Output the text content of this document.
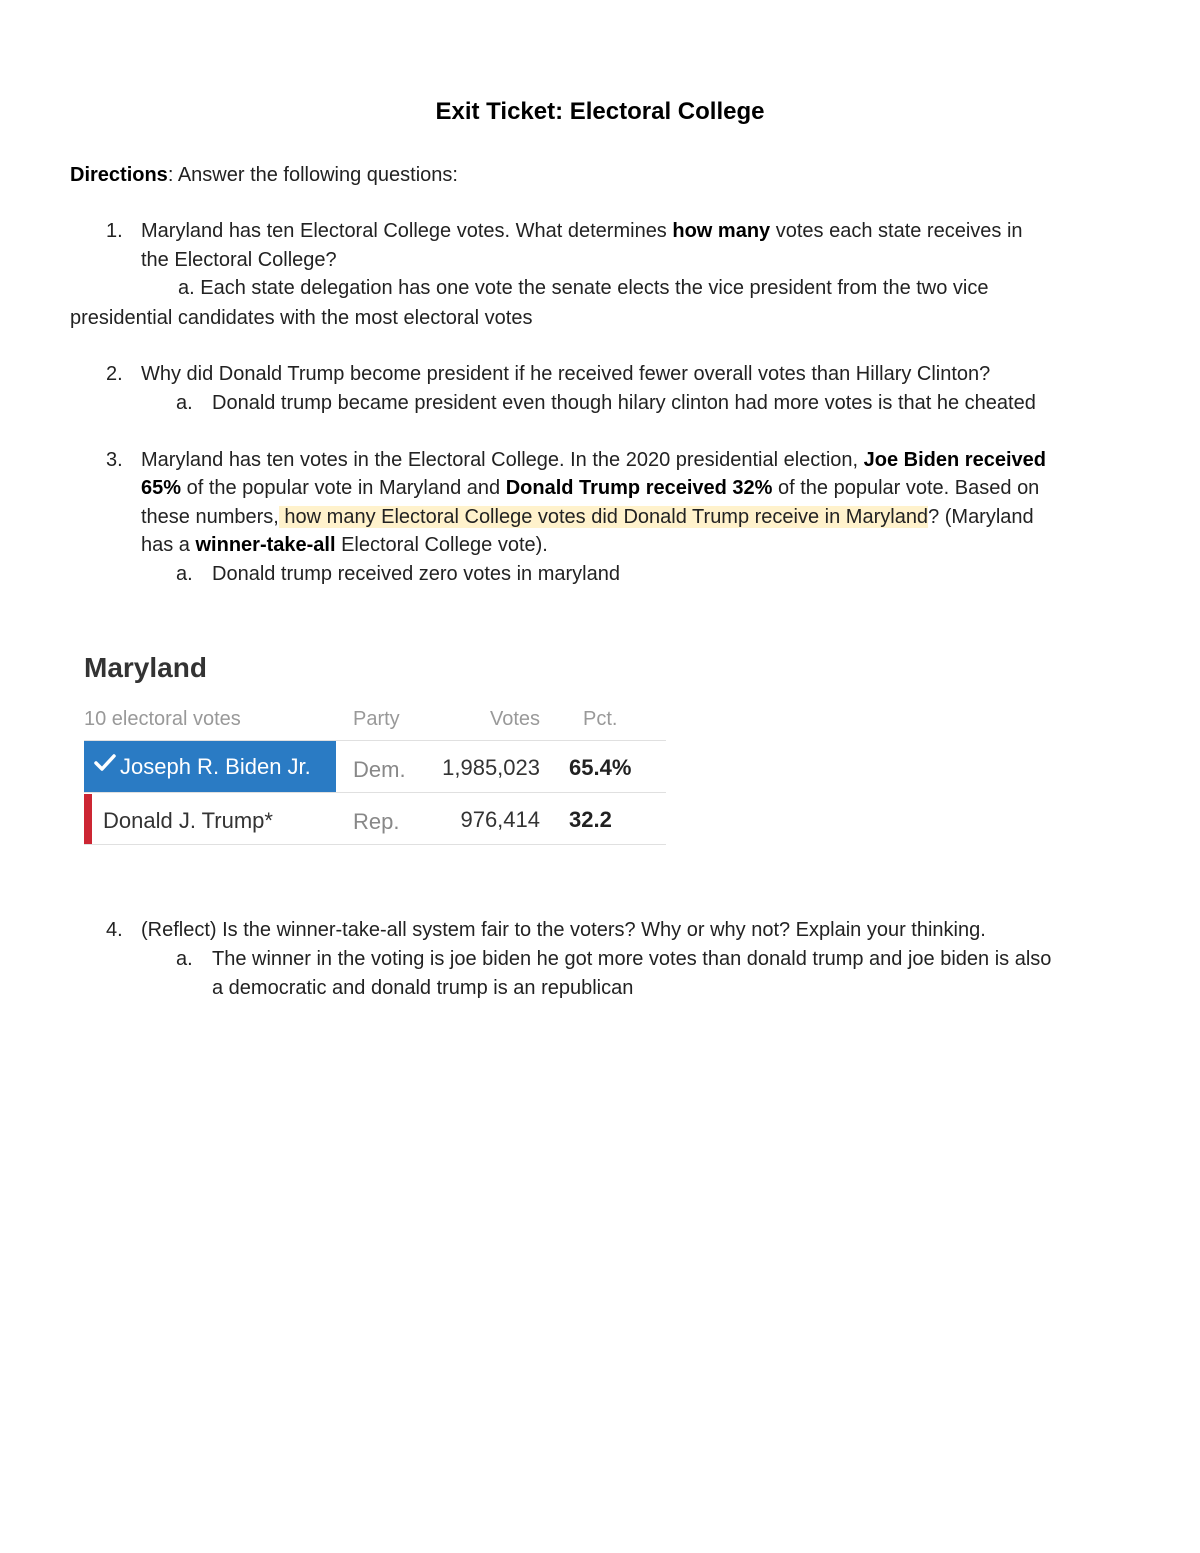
Exit Ticket: Electoral College
Directions: Answer the following questions:
1. Maryland has ten Electoral College votes. What determines how many votes each state receives in
the Electoral College?
a. Each state delegation has one vote the senate elects the vice president from the two vice
presidential candidates with the most electoral votes
2. Why did Donald Trump become president if he received fewer overall votes than Hillary Clinton?
a. Donald trump became president even though hilary clinton had more votes is that he cheated
3. Maryland has ten votes in the Electoral College. In the 2020 presidential election, Joe Biden received
65% of the popular vote in Maryland and Donald Trump received 32% of the popular vote. Based on
these numbers, how many Electoral College votes did Donald Trump receive in Maryland? (Maryland
has a winner-take-all Electoral College vote).
a. Donald trump received zero votes in maryland
Maryland
10 electoral votes	Party	Votes Pct.
Joseph R. Biden Jr. Dem.	1,985,023 65.4%
Donald J. Trump*	Rep.	976,414 32.2
4. (Reflect) Is the winner-take-all system fair to the voters? Why or why not? Explain your thinking.
a. The winner in the voting is joe biden he got more votes than donald trump and joe biden is also
a democratic and donald trump is an republican
